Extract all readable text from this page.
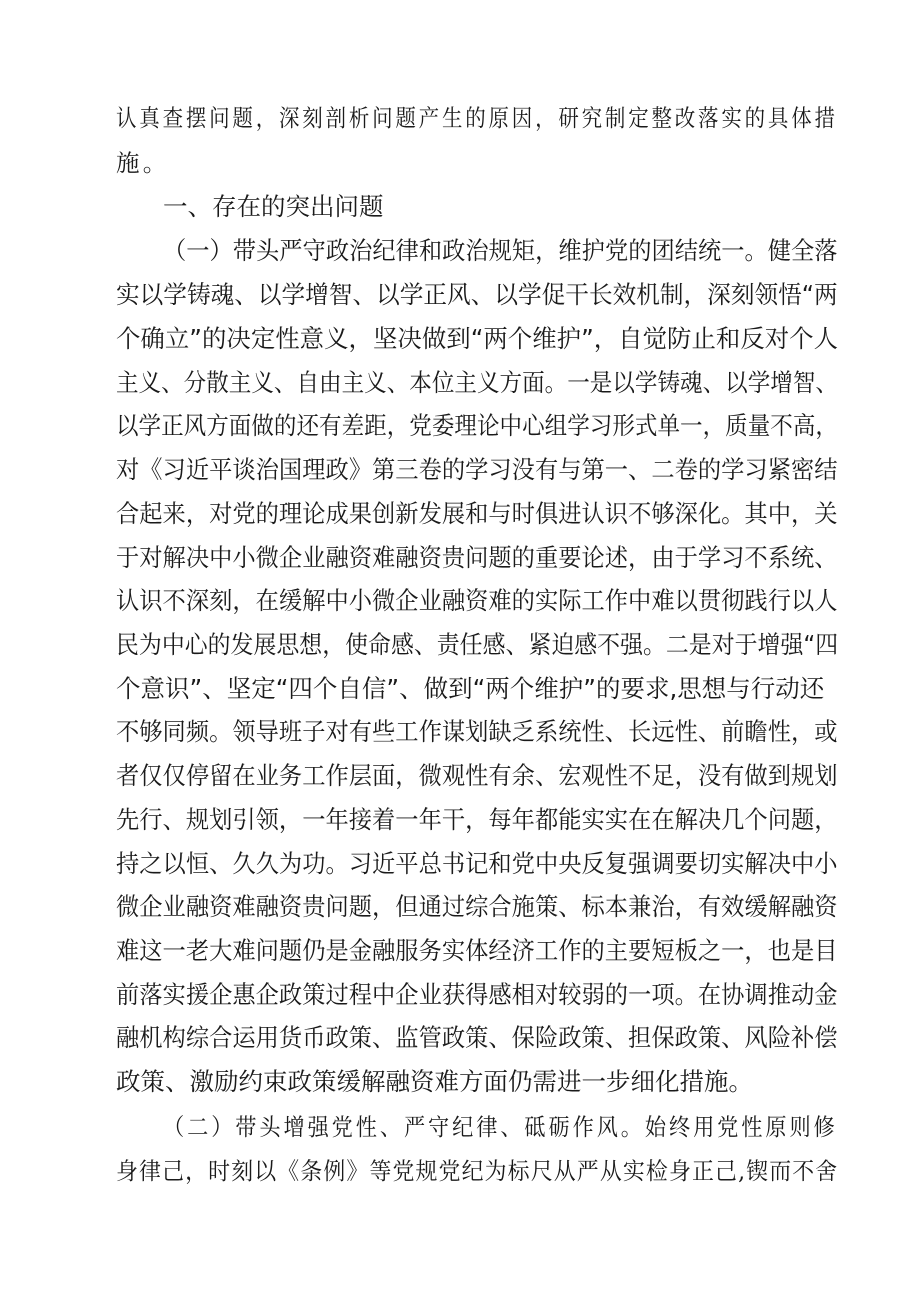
认真查摆问题，深刻剖析问题产生的原因，研究制定整改落实的具体措
施。
一、存在的突出问题
（一）带头严守政治纪律和政治规矩，维护党的团结统一。健全落
实以学铸魂、以学增智、以学正风、以学促干长效机制，深刻领悟“两
个确立”的决定性意义，坚决做到“两个维护”，自觉防止和反对个人
主义、分散主义、自由主义、本位主义方面。一是以学铸魂、以学增智、
以学正风方面做的还有差距，党委理论中心组学习形式单一，质量不高，
对《习近平谈治国理政》第三卷的学习没有与第一、二卷的学习紧密结
合起来，对党的理论成果创新发展和与时俱进认识不够深化。其中，关
于对解决中小微企业融资难融资贵问题的重要论述，由于学习不系统、
认识不深刻，在缓解中小微企业融资难的实际工作中难以贯彻践行以人
民为中心的发展思想，使命感、责任感、紧迫感不强。二是对于增强“四
个意识”、坚定“四个自信”、做到“两个维护”的要求,思想与行动还
不够同频。领导班子对有些工作谋划缺乏系统性、长远性、前瞻性，或
者仅仅停留在业务工作层面，微观性有余、宏观性不足，没有做到规划
先行、规划引领，一年接着一年干，每年都能实实在在解决几个问题，
持之以恒、久久为功。习近平总书记和党中央反复强调要切实解决中小
微企业融资难融资贵问题，但通过综合施策、标本兼治，有效缓解融资
难这一老大难问题仍是金融服务实体经济工作的主要短板之一，也是目
前落实援企惠企政策过程中企业获得感相对较弱的一项。在协调推动金
融机构综合运用货币政策、监管政策、保险政策、担保政策、风险补偿
政策、激励约束政策缓解融资难方面仍需进一步细化措施。
（二）带头增强党性、严守纪律、砥砺作风。始终用党性原则修
身律己，时刻以《条例》等党规党纪为标尺从严从实检身正己,锲而不舍
